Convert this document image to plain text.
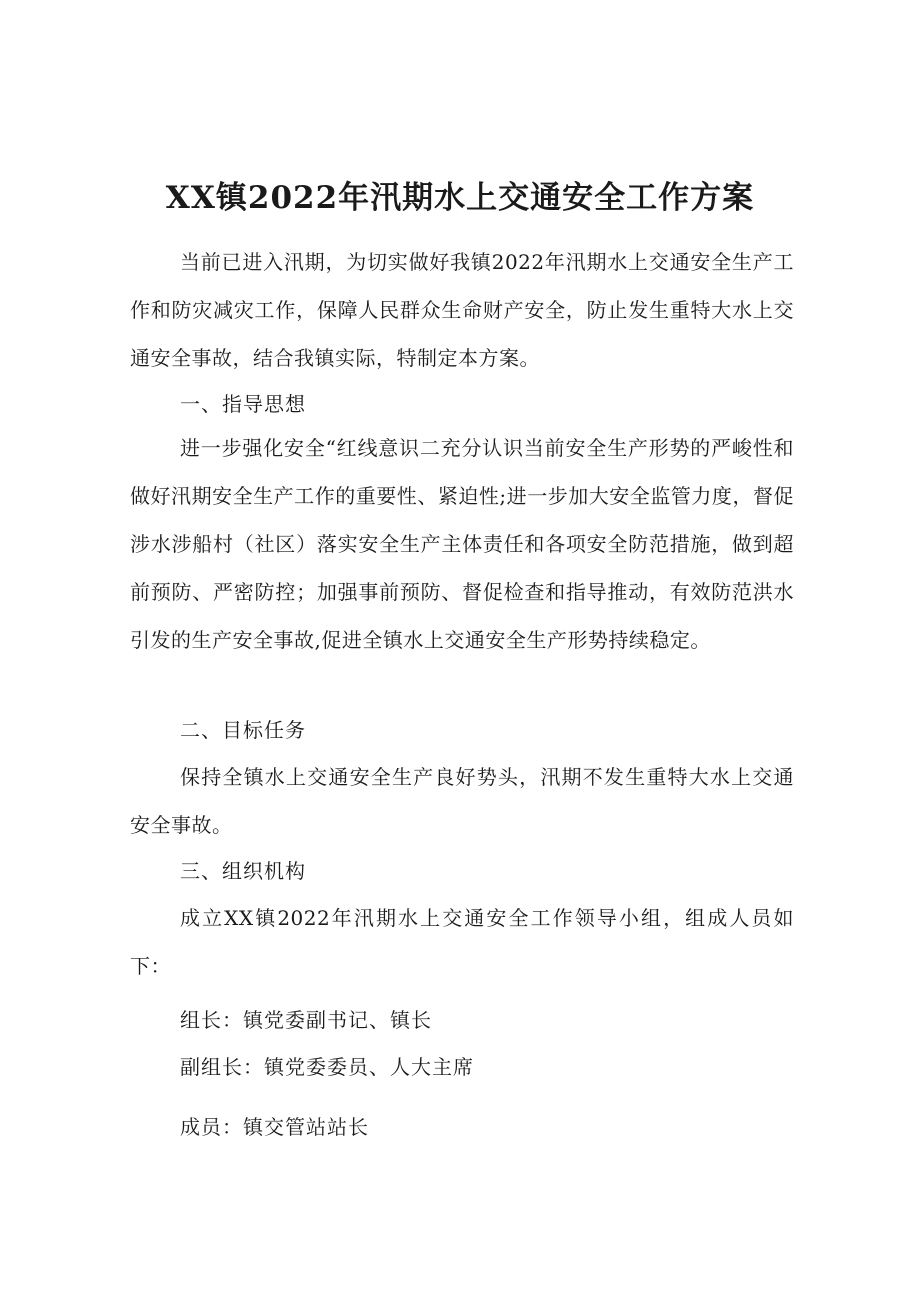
XX镇2022年汛期水上交通安全工作方案

当前已进入汛期，为切实做好我镇2022年汛期水上交通安全生产工作和防灾减灾工作，保障人民群众生命财产安全，防止发生重特大水上交通安全事故，结合我镇实际，特制定本方案。

一、指导思想

进一步强化安全“红线意识二充分认识当前安全生产形势的严峻性和做好汛期安全生产工作的重要性、紧迫性;进一步加大安全监管力度，督促涉水涉船村（社区）落实安全生产主体责任和各项安全防范措施，做到超前预防、严密防控；加强事前预防、督促检查和指导推动，有效防范洪水引发的生产安全事故,促进全镇水上交通安全生产形势持续稳定。

二、目标任务

保持全镇水上交通安全生产良好势头，汛期不发生重特大水上交通安全事故。

三、组织机构

成立XX镇2022年汛期水上交通安全工作领导小组，组成人员如下：

组长：镇党委副书记、镇长

副组长：镇党委委员、人大主席

成员：镇交管站站长
